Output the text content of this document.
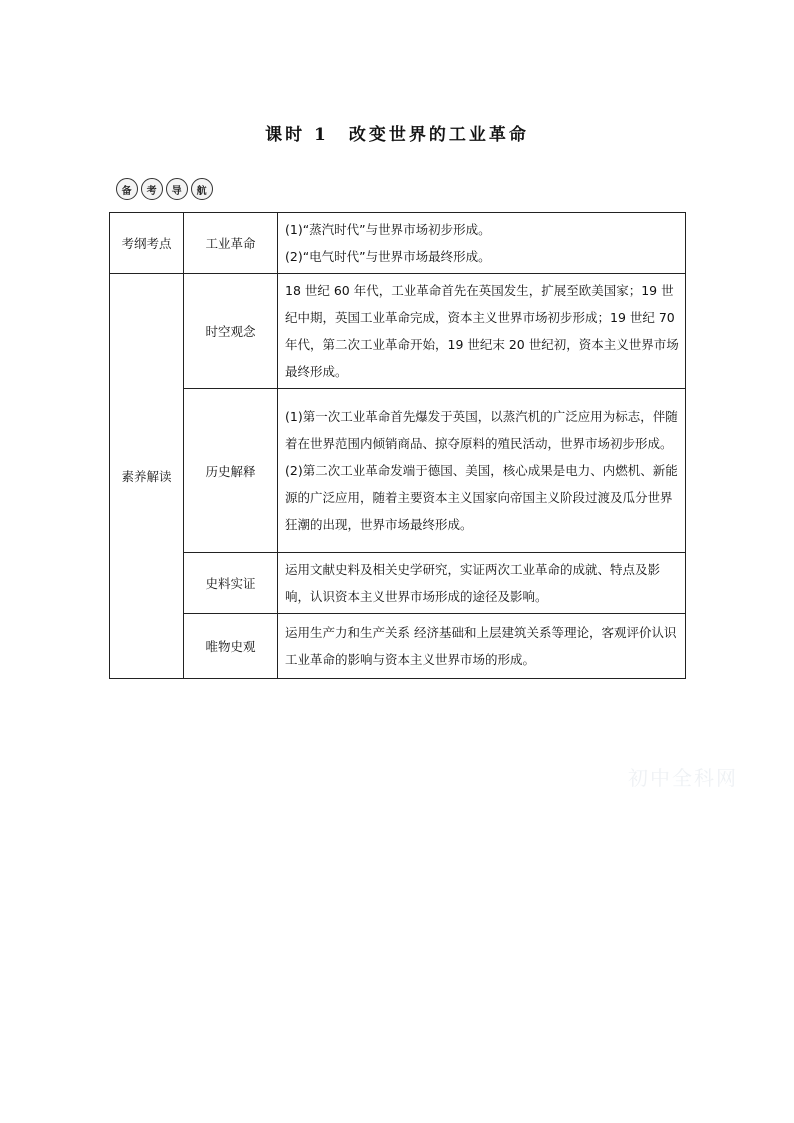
课时 1　改变世界的工业革命
备 考 导 航
考纲考点	工业革命	(1)“蒸汽时代”与世界市场初步形成。
(2)“电气时代”与世界市场最终形成。

素养解读	时空观念	18 世纪 60 年代，工业革命首先在英国发生，扩展至欧美国家；19 世纪中期，英国工业革命完成，资本主义世界市场初步形成；19 世纪 70 年代，第二次工业革命开始，19 世纪末 20 世纪初，资本主义世界市场最终形成。
	历史解释	(1)第一次工业革命首先爆发于英国，以蒸汽机的广泛应用为标志，伴随着在世界范围内倾销商品、掠夺原料的殖民活动，世界市场初步形成。
(2)第二次工业革命发端于德国、美国，核心成果是电力、内燃机、新能源的广泛应用，随着主要资本主义国家向帝国主义阶段过渡及瓜分世界狂潮的出现，世界市场最终形成。

	史料实证	运用文献史料及相关史学研究，实证两次工业革命的成就、特点及影响，认识资本主义世界市场形成的途径及影响。
	唯物史观	运用生产力和生产关系 经济基础和上层建筑关系等理论，客观评价认识工业革命的影响与资本主义世界市场的形成。
初中全科网
